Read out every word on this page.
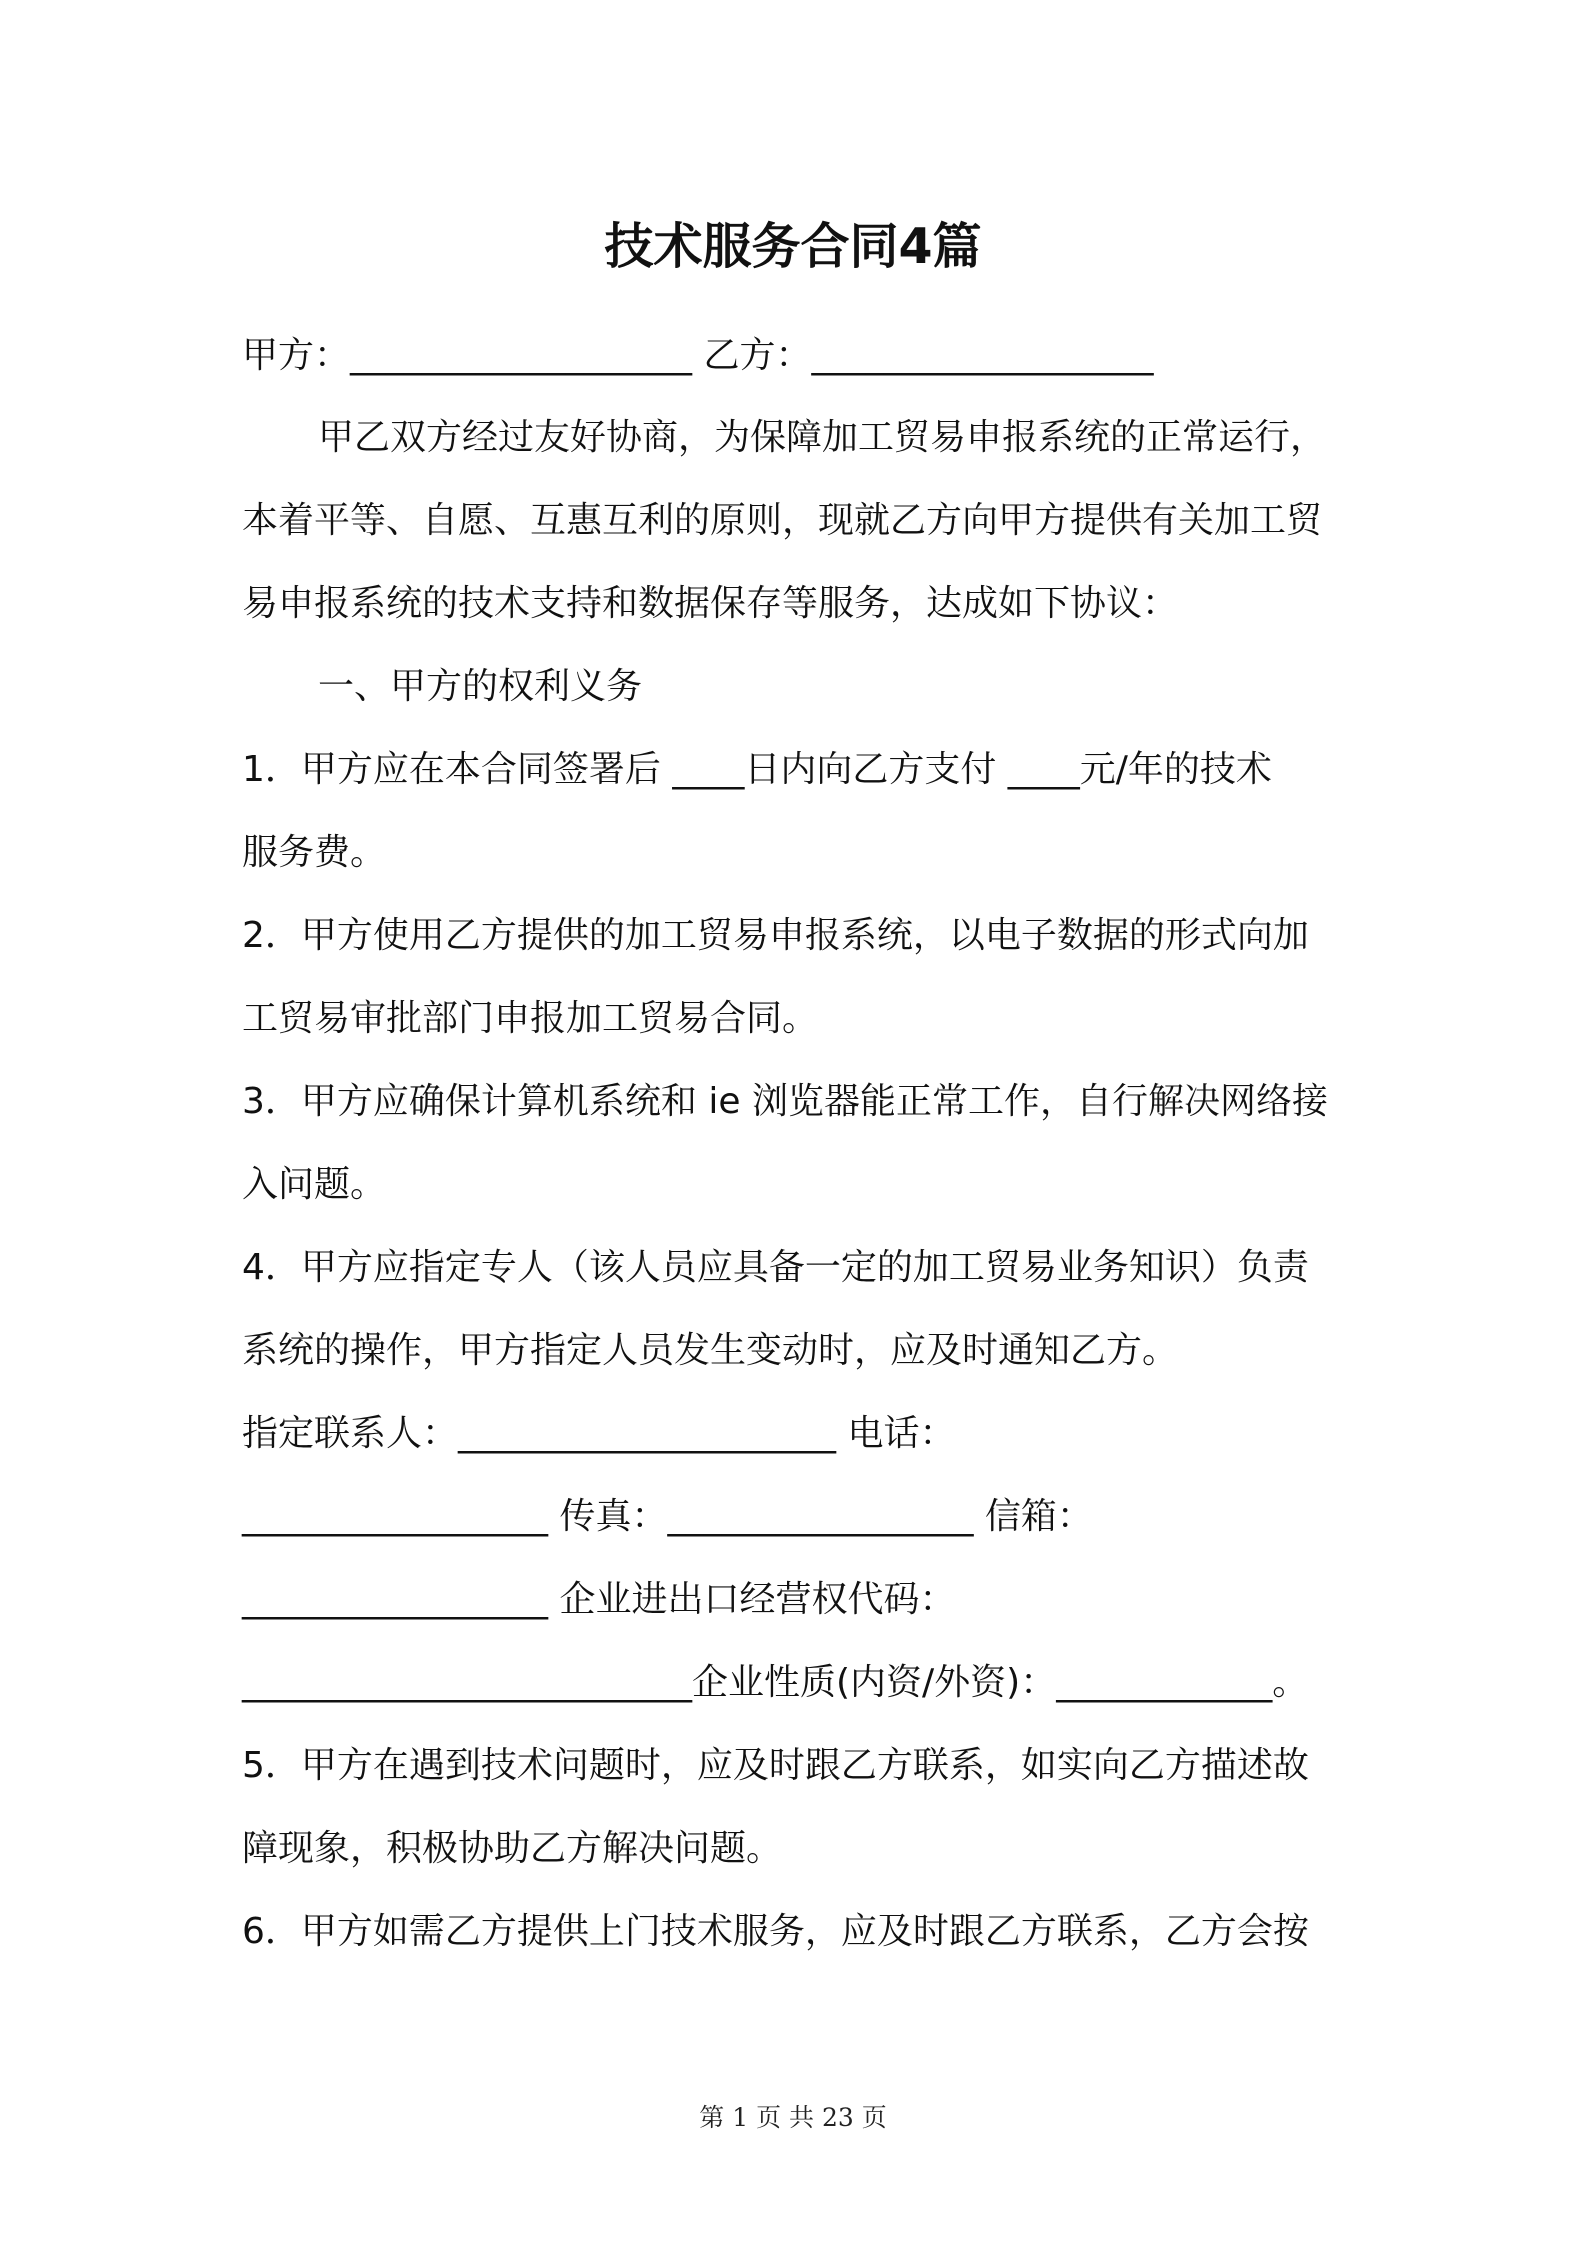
技术服务合同4篇
甲方：___________________ 乙方：___________________
甲乙双方经过友好协商，为保障加工贸易申报系统的正常运行，
本着平等、自愿、互惠互利的原则，现就乙方向甲方提供有关加工贸
易申报系统的技术支持和数据保存等服务，达成如下协议：
一、甲方的权利义务
1．甲方应在本合同签署后 ____日内向乙方支付 ____元/年的技术
服务费。
2．甲方使用乙方提供的加工贸易申报系统，以电子数据的形式向加
工贸易审批部门申报加工贸易合同。
3．甲方应确保计算机系统和 ie 浏览器能正常工作，自行解决网络接
入问题。
4．甲方应指定专人（该人员应具备一定的加工贸易业务知识）负责
系统的操作，甲方指定人员发生变动时，应及时通知乙方。
指定联系人：_____________________ 电话：
_________________ 传真：_________________ 信箱：
_________________ 企业进出口经营权代码：
_________________________企业性质(内资/外资)：____________。
5．甲方在遇到技术问题时，应及时跟乙方联系，如实向乙方描述故
障现象，积极协助乙方解决问题。
6．甲方如需乙方提供上门技术服务，应及时跟乙方联系，乙方会按
第 1 页 共 23 页
